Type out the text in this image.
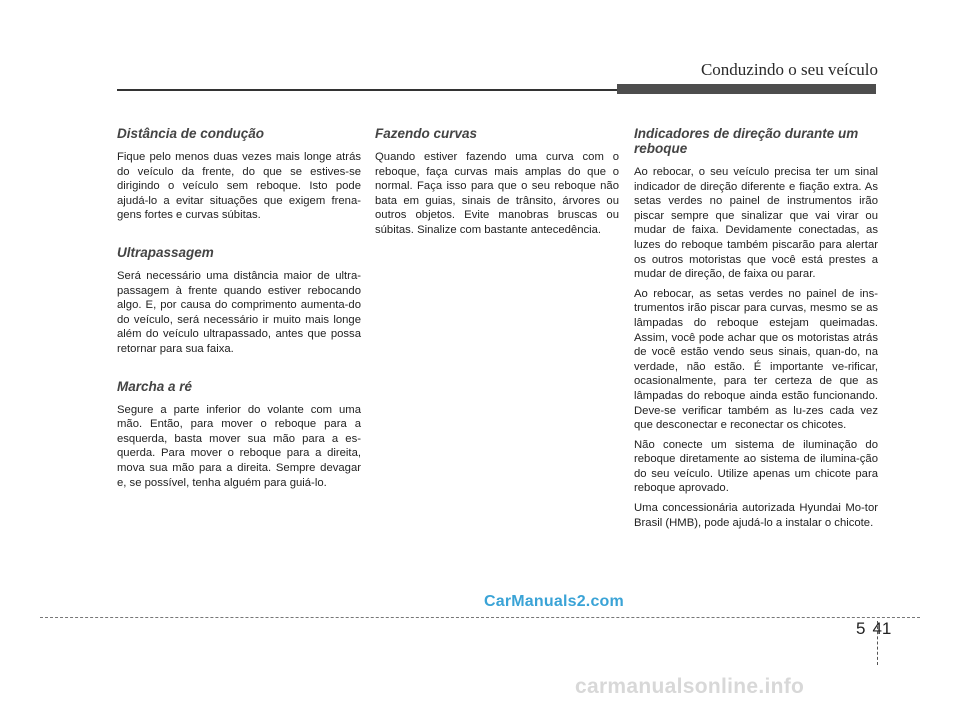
Conduzindo o seu veículo
Distância de condução

Fique pelo menos duas vezes mais longe atrás do veículo da frente, do que se estives-se dirigindo o veículo sem reboque. Isto pode ajudá-lo a evitar situações que exigem frena-gens fortes e curvas súbitas.

Ultrapassagem

Será necessário uma distância maior de ultra-passagem à frente quando estiver rebocando algo. E, por causa do comprimento aumenta-do do veículo, será necessário ir muito mais longe além do veículo ultrapassado, antes que possa retornar para sua faixa.

Marcha a ré

Segure a parte inferior do volante com uma mão. Então, para mover o reboque para a esquerda, basta mover sua mão para a es-querda. Para mover o reboque para a direita, mova sua mão para a direita. Sempre devagar e, se possível, tenha alguém para guiá-lo.

Fazendo curvas

Quando estiver fazendo uma curva com o reboque, faça curvas mais amplas do que o normal. Faça isso para que o seu reboque não bata em guias, sinais de trânsito, árvores ou outros objetos. Evite manobras bruscas ou súbitas. Sinalize com bastante antecedência.

Indicadores de direção durante um reboque

Ao rebocar, o seu veículo precisa ter um sinal indicador de direção diferente e fiação extra. As setas verdes no painel de instrumentos irão piscar sempre que sinalizar que vai virar ou mudar de faixa. Devidamente conectadas, as luzes do reboque também piscarão para alertar os outros motoristas que você está prestes a mudar de direção, de faixa ou parar.

Ao rebocar, as setas verdes no painel de ins-trumentos irão piscar para curvas, mesmo se as lâmpadas do reboque estejam queimadas. Assim, você pode achar que os motoristas atrás de você estão vendo seus sinais, quan-do, na verdade, não estão. É importante ve-rificar, ocasionalmente, para ter certeza de que as lâmpadas do reboque ainda estão funcionando. Deve-se verificar também as lu-zes cada vez que desconectar e reconectar os chicotes.

Não conecte um sistema de iluminação do reboque diretamente ao sistema de ilumina-ção do seu veículo. Utilize apenas um chicote para reboque aprovado.

Uma concessionária autorizada Hyundai Mo-tor Brasil (HMB), pode ajudá-lo a instalar o chicote.

CarManuals2.com
5 41
carmanualsonline.info
